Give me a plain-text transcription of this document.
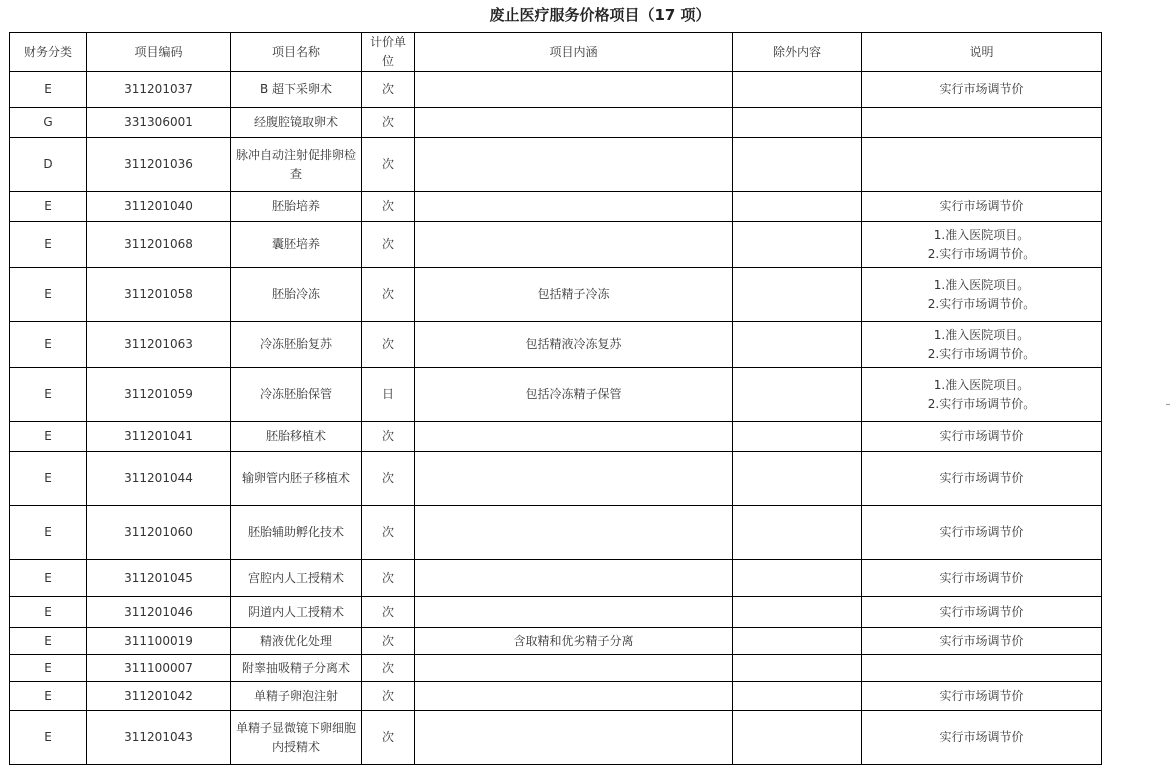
废止医疗服务价格项目（17 项）
财务分类	项目编码	项目名称	计价单位	项目内涵	除外内容	说明
E	311201037	B 超下采卵术	次			实行市场调节价

G	331306001	经腹腔镜取卵术	次			
D	311201036	脉冲自动注射促排卵检查	次			
E	311201040	胚胎培养	次			实行市场调节价

E	311201068	囊胚培养	次			1.准入医院项目。
2.实行市场调节价。

E	311201058	胚胎冷冻	次	包括精子冷冻		1.准入医院项目。
2.实行市场调节价。

E	311201063	冷冻胚胎复苏	次	包括精液冷冻复苏		1.准入医院项目。
2.实行市场调节价。

E	311201059	冷冻胚胎保管	日	包括冷冻精子保管		1.准入医院项目。
2.实行市场调节价。

E	311201041	胚胎移植术	次			实行市场调节价

E	311201044	输卵管内胚子移植术	次			实行市场调节价

E	311201060	胚胎辅助孵化技术	次			实行市场调节价

E	311201045	宫腔内人工授精术	次			实行市场调节价

E	311201046	阴道内人工授精术	次			实行市场调节价

E	311100019	精液优化处理	次	含取精和优劣精子分离		实行市场调节价

E	311100007	附睾抽吸精子分离术	次			
E	311201042	单精子卵泡注射	次			实行市场调节价

E	311201043	单精子显微镜下卵细胞内授精术	次			实行市场调节价
